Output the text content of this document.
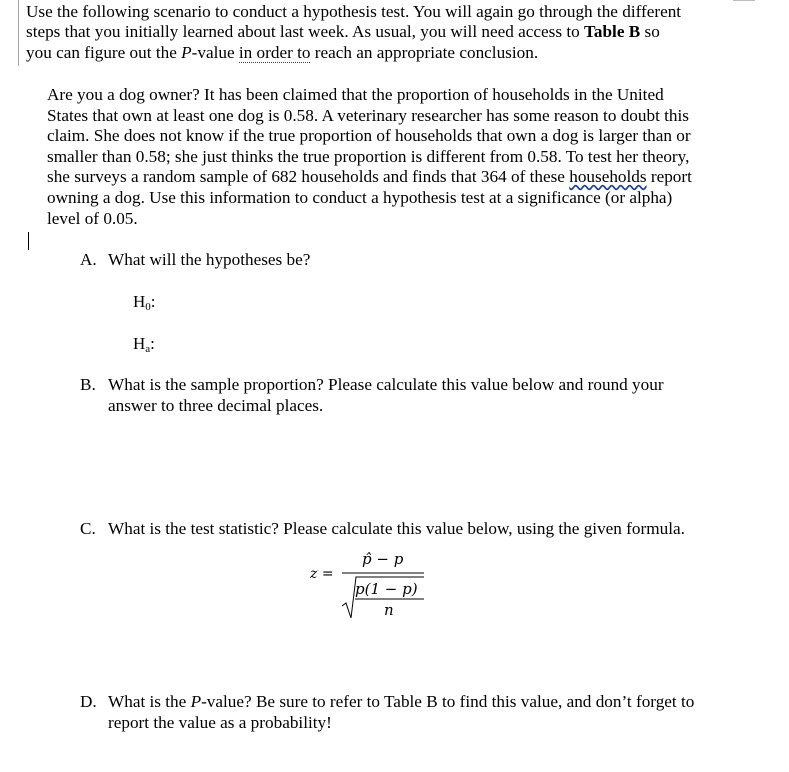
Use the following scenario to conduct a hypothesis test. You will again go through the different
steps that you initially learned about last week. As usual, you will need access to Table B so
you can figure out the P-value in order to reach an appropriate conclusion.
Are you a dog owner? It has been claimed that the proportion of households in the United
States that own at least one dog is 0.58. A veterinary researcher has some reason to doubt this
claim. She does not know if the true proportion of households that own a dog is larger than or
smaller than 0.58; she just thinks the true proportion is different from 0.58. To test her theory,
she surveys a random sample of 682 households and finds that 364 of these households report
owning a dog. Use this information to conduct a hypothesis test at a significance (or alpha)
level of 0.05.
A. What will the hypotheses be?
$H_0$:
$H_a$:
B. What is the sample proportion? Please calculate this value below and round your
answer to three decimal places.
C. What is the test statistic? Please calculate this value below, using the given formula.
z =
p̂ − p
p(1 − p)
n
D. What is the P-value? Be sure to refer to Table B to find this value, and don’t forget to
report the value as a probability!
